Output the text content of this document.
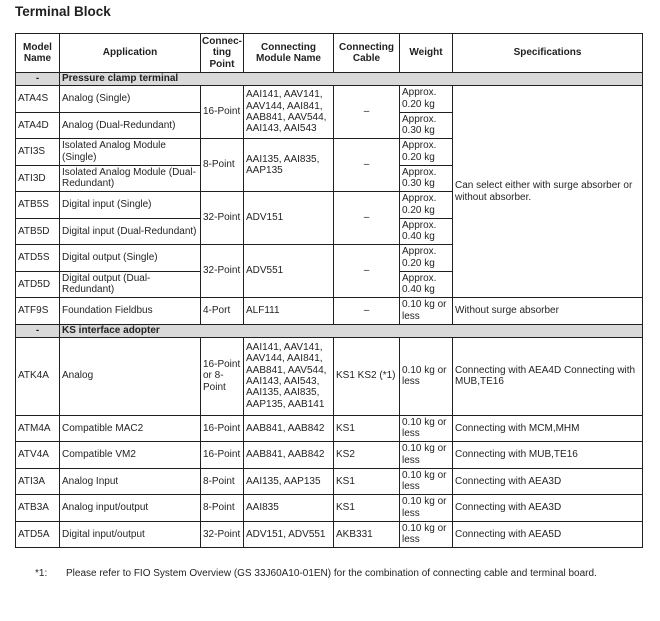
Terminal Block
Model Name	Application	Connec-ting Point	Connecting Module Name	Connecting Cable	Weight	Specifications
-	Pressure clamp terminal					
ATA4S	Analog (Single)	16-Point	AAI141, AAV141, AAV144, AAI841, AAB841, AAV544, AAI143, AAI543	–	Approx. 0.20 kg	Can select either with surge absorber or without absorber.
ATA4D	Analog (Dual-Redundant)				Approx. 0.30 kg	
ATI3S	Isolated Analog Module (Single)	8-Point	AAI135, AAI835, AAP135	–	Approx. 0.20 kg	
ATI3D	Isolated Analog Module (Dual-Redundant)				Approx. 0.30 kg	
ATB5S	Digital input (Single)	32-Point	ADV151	–	Approx. 0.20 kg	
ATB5D	Digital input (Dual-Redundant)				Approx. 0.40 kg	
ATD5S	Digital output (Single)	32-Point	ADV551	–	Approx. 0.20 kg	
ATD5D	Digital output (Dual-Redundant)				Approx. 0.40 kg	
ATF9S	Foundation Fieldbus	4-Port	ALF111	–	0.10 kg or less	Without surge absorber
-	KS interface adopter					
ATK4A	Analog	16-Point or 8-Point	AAI141, AAV141, AAV144, AAI841, AAB841, AAV544, AAI143, AAI543, AAI135, AAI835, AAP135, AAB141	KS1 KS2 (*1)	0.10 kg or less	Connecting with AEA4D Connecting with MUB,TE16
ATM4A	Compatible MAC2	16-Point	AAB841, AAB842	KS1	0.10 kg or less	Connecting with MCM,MHM
ATV4A	Compatible VM2	16-Point	AAB841, AAB842	KS2	0.10 kg or less	Connecting with MUB,TE16
ATI3A	Analog Input	8-Point	AAI135, AAP135	KS1	0.10 kg or less	Connecting with AEA3D
ATB3A	Analog input/output	8-Point	AAI835	KS1	0.10 kg or less	Connecting with AEA3D
ATD5A	Digital input/output	32-Point	ADV151, ADV551	AKB331	0.10 kg or less	Connecting with AEA5D
*1: Please refer to FIO System Overview (GS 33J60A10-01EN) for the combination of connecting cable and terminal board.
